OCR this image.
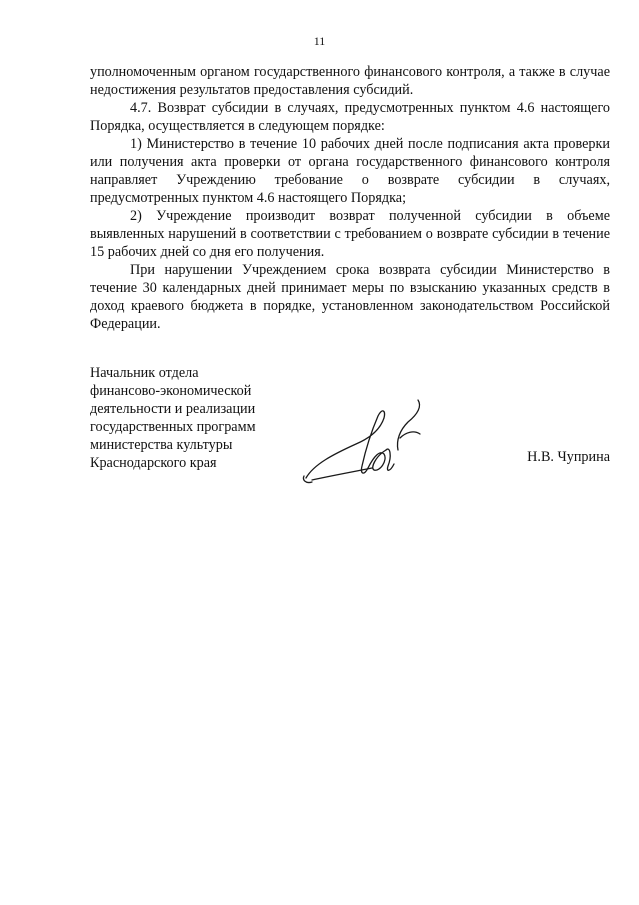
11

уполномоченным органом государственного финансового контроля, а также в случае недостижения результатов предоставления субсидий.

4.7. Возврат субсидии в случаях, предусмотренных пунктом 4.6 настоящего Порядка, осуществляется в следующем порядке:

1) Министерство в течение 10 рабочих дней после подписания акта проверки или получения акта проверки от органа государственного финансового контроля направляет Учреждению требование о возврате субсидии в случаях, предусмотренных пунктом 4.6 настоящего Порядка;

2) Учреждение производит возврат полученной субсидии в объеме выявленных нарушений в соответствии с требованием о возврате субсидии в течение 15 рабочих дней со дня его получения.

При нарушении Учреждением срока возврата субсидии Министерство в течение 30 календарных дней принимает меры по взысканию указанных средств в доход краевого бюджета в порядке, установленном законодательством Российской Федерации.

Начальник отдела
финансово-экономической
деятельности и реализации
государственных программ
министерства культуры
Краснодарского края	Н.В. Чуприна
